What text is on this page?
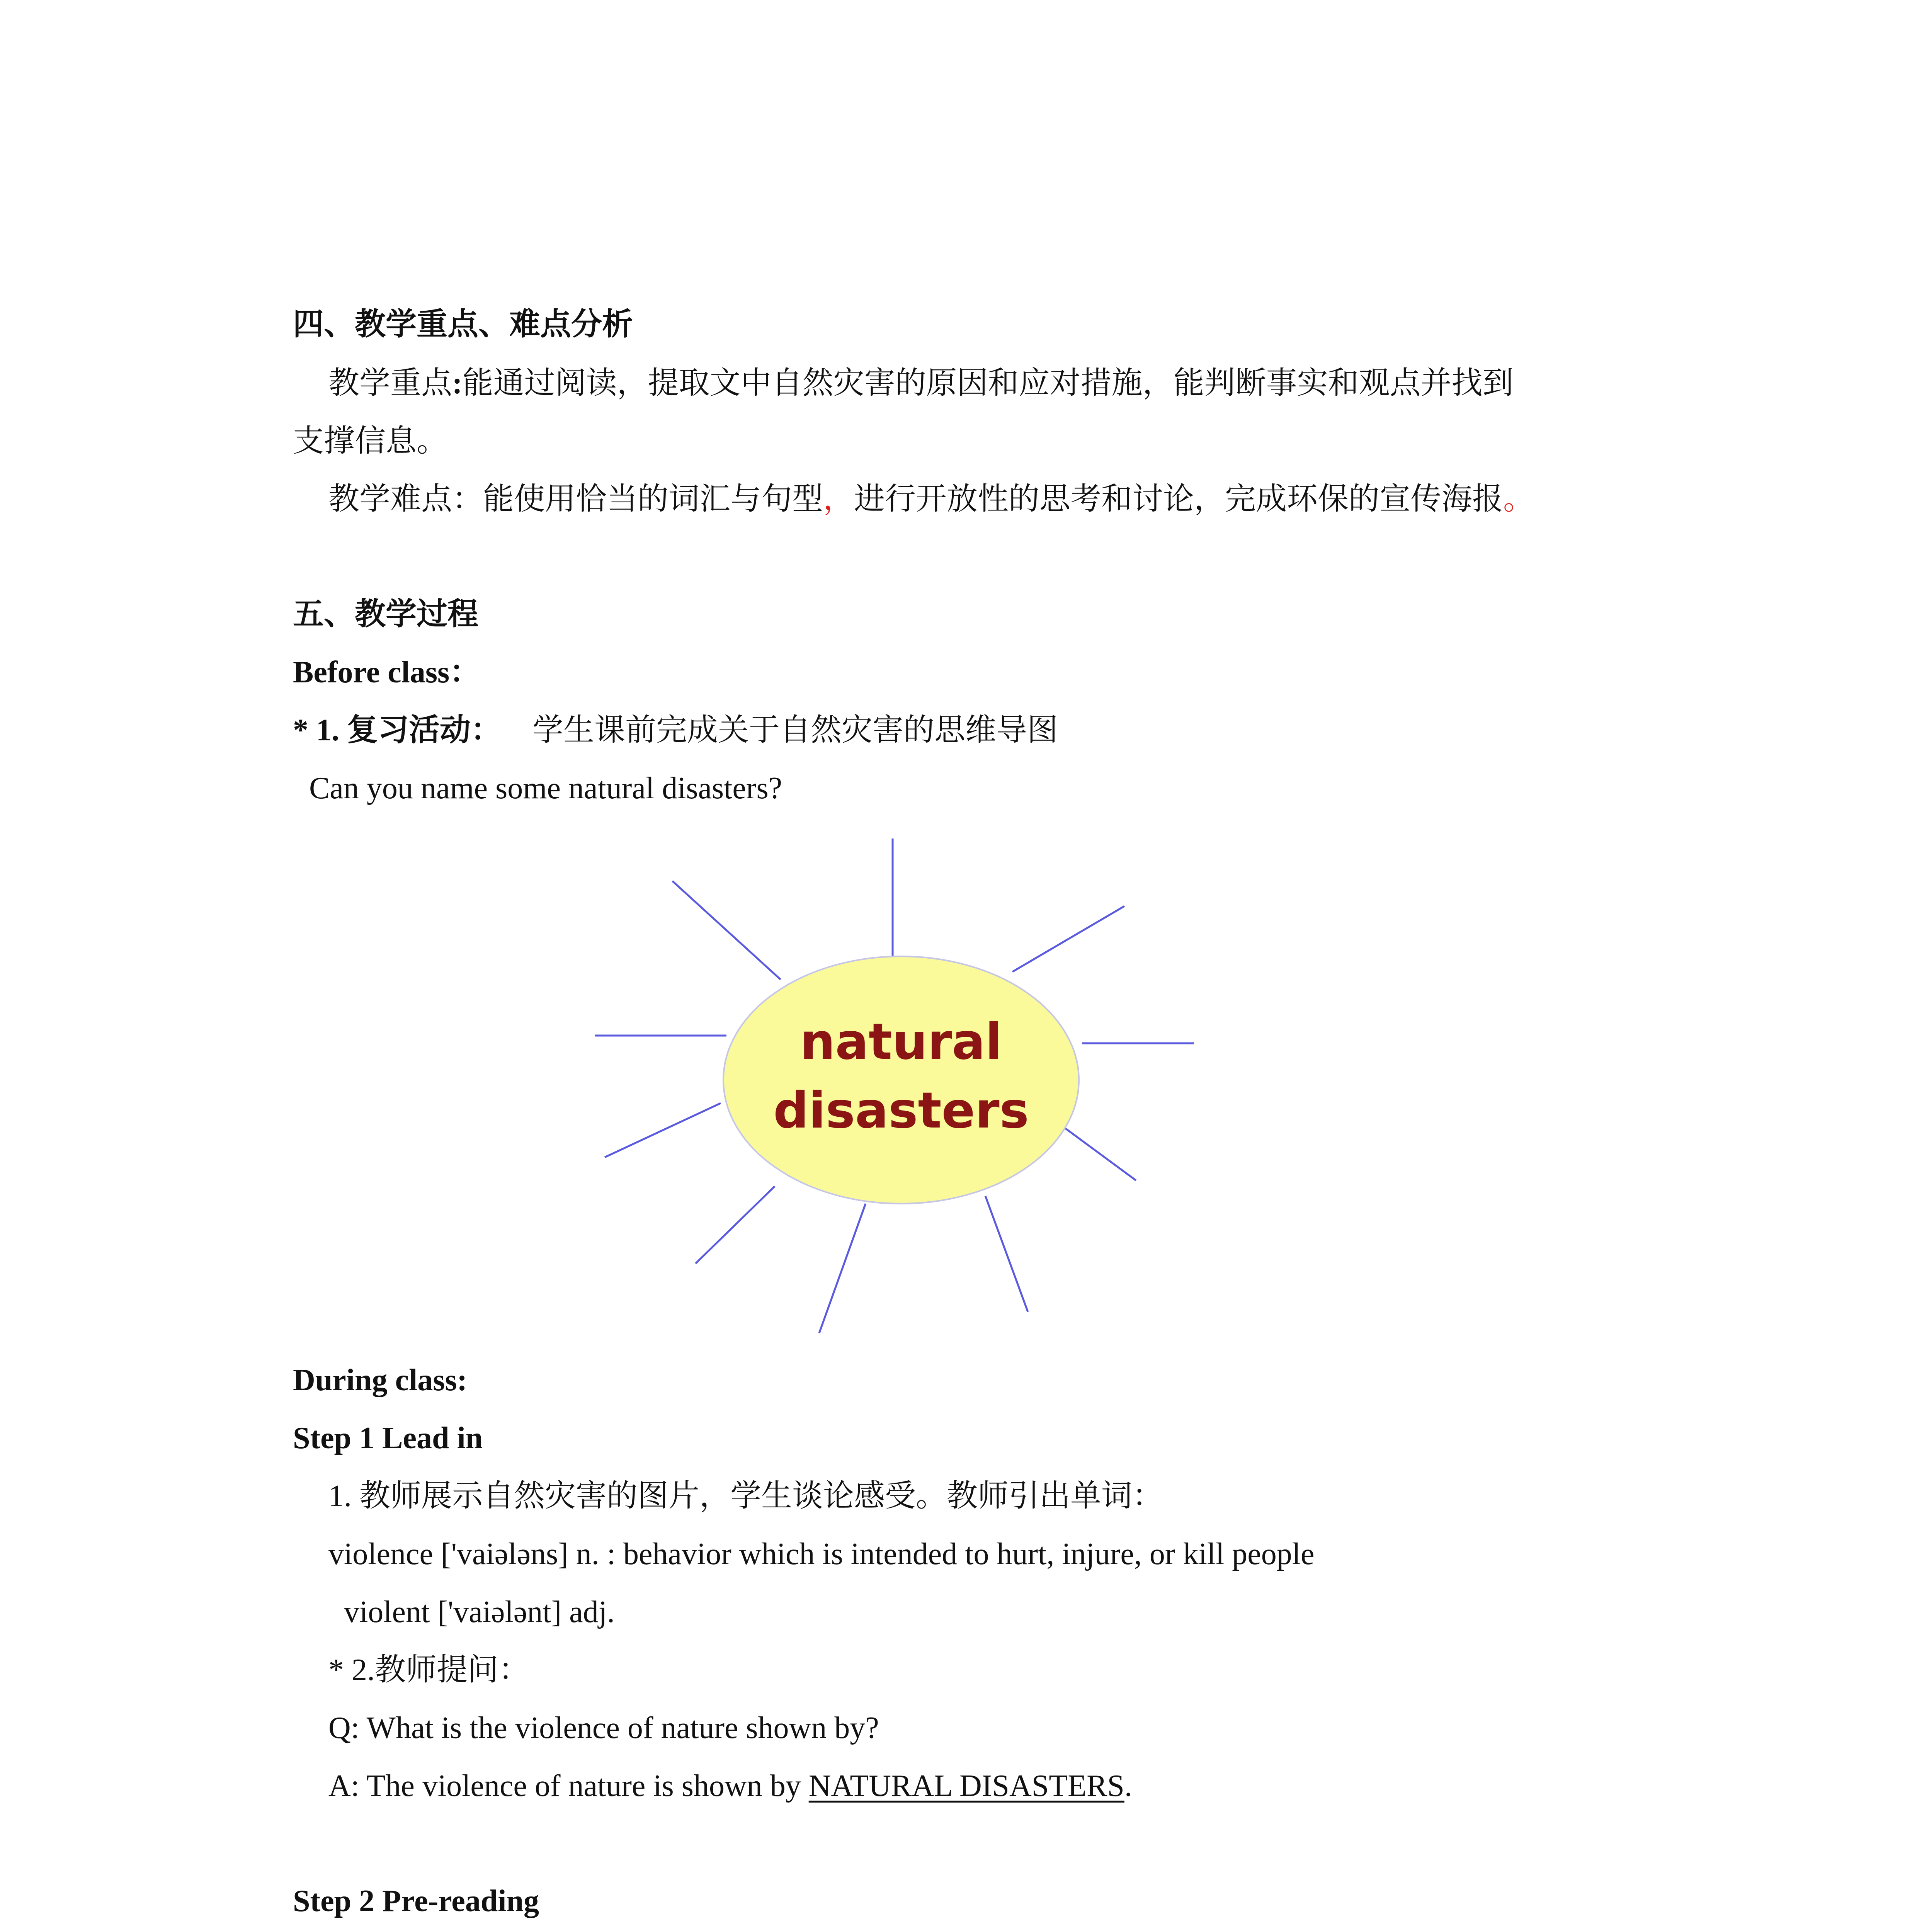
四、教学重点、难点分析
教学重点:能通过阅读，提取文中自然灾害的原因和应对措施，能判断事实和观点并找到
支撑信息。
教学难点：能使用恰当的词汇与句型，进行开放性的思考和讨论，完成环保的宣传海报。
五、教学过程
Before class：
* 1. 复习活动： 学生课前完成关于自然灾害的思维导图
Can you name some natural disasters?
natural
disasters
During class:
Step 1 Lead in
1. 教师展示自然灾害的图片，学生谈论感受。教师引出单词：
violence ['vaiələns] n. : behavior which is intended to hurt, injure, or kill people
violent ['vaiələnt] adj.
* 2.教师提问：
Q: What is the violence of nature shown by?
A: The violence of nature is shown by NATURAL DISASTERS.
Step 2 Pre-reading
